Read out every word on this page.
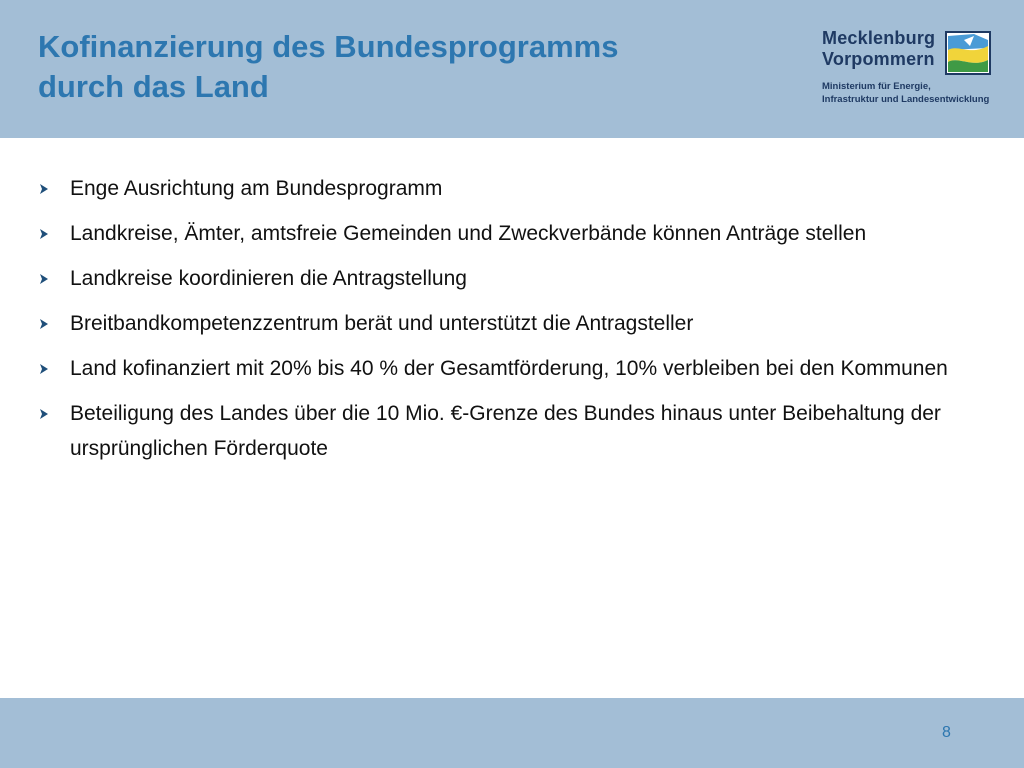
Kofinanzierung des Bundesprogramms
durch das Land
Mecklenburg
Vorpommern
Ministerium für Energie,
Infrastruktur und Landesentwicklung
Enge Ausrichtung am Bundesprogramm
Landkreise, Ämter, amtsfreie Gemeinden und Zweckverbände können Anträge stellen
Landkreise koordinieren die Antragstellung
Breitbandkompetenzzentrum berät und unterstützt die Antragsteller
Land kofinanziert mit 20% bis 40 % der Gesamtförderung, 10% verbleiben bei den Kommunen
Beteiligung des Landes über die 10 Mio. €-Grenze des Bundes hinaus unter Beibehaltung der ursprünglichen Förderquote
8
